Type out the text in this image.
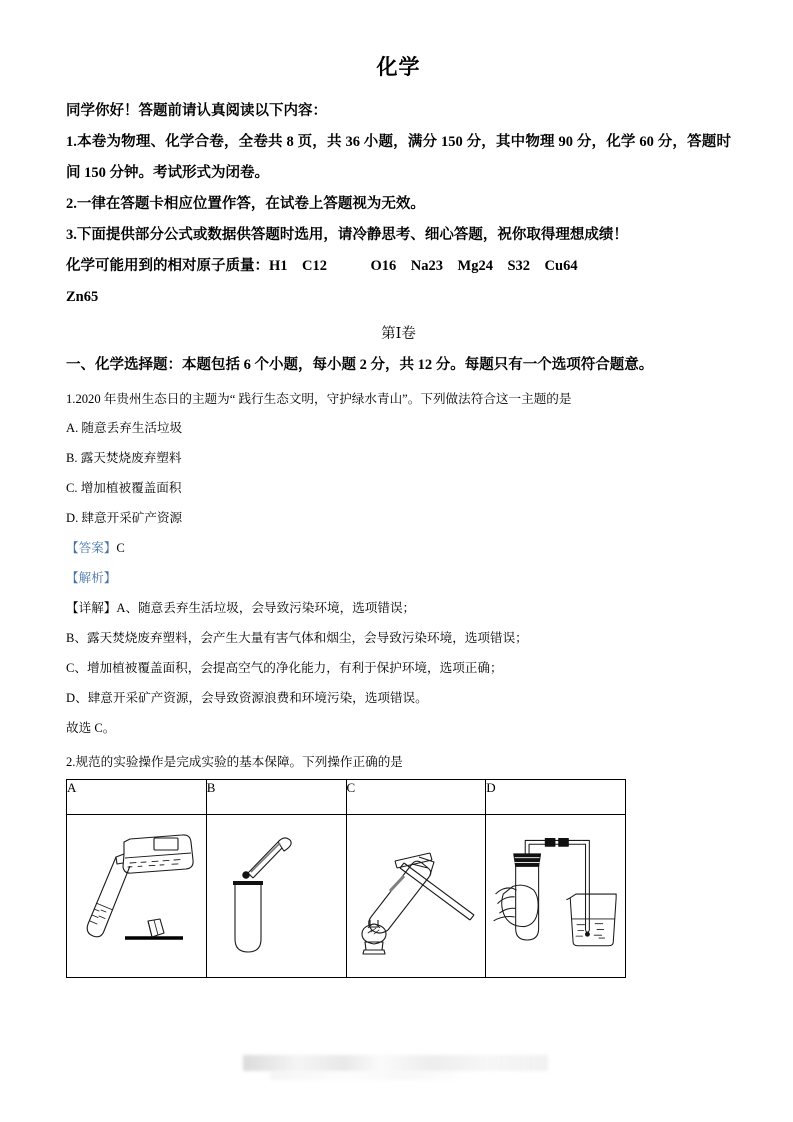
化学

同学你好！答题前请认真阅读以下内容：

1.本卷为物理、化学合卷，全卷共 8 页，共 36 小题，满分 150 分，其中物理 90 分，化学 60 分，答题时间 150 分钟。考试形式为闭卷。

2.一律在答题卡相应位置作答，在试卷上答题视为无效。

3.下面提供部分公式或数据供答题时选用，请冷静思考、细心答题，祝你取得理想成绩！

化学可能用到的相对原子质量：H1 C12	O16 Na23 Mg24 S32 Cu64

Zn65

第Ⅰ卷
一、化学选择题：本题包括 6 个小题，每小题 2 分，共 12 分。每题只有一个选项符合题意。

1.2020 年贵州生态日的主题为“ 践行生态文明，守护绿水青山”。下列做法符合这一主题的是

A. 随意丢弃生活垃圾

B. 露天焚烧废弃塑料

C. 增加植被覆盖面积

D. 肆意开采矿产资源

【答案】C

【解析】

【详解】A、随意丢弃生活垃圾，会导致污染环境，选项错误；

B、露天焚烧废弃塑料，会产生大量有害气体和烟尘，会导致污染环境，选项错误；

C、增加植被覆盖面积，会提高空气的净化能力，有利于保护环境，选项正确；

D、肆意开采矿产资源，会导致资源浪费和环境污染，选项错误。

故选 C。

2.规范的实验操作是完成实验的基本保障。下列操作正确的是

A	B	C	D
